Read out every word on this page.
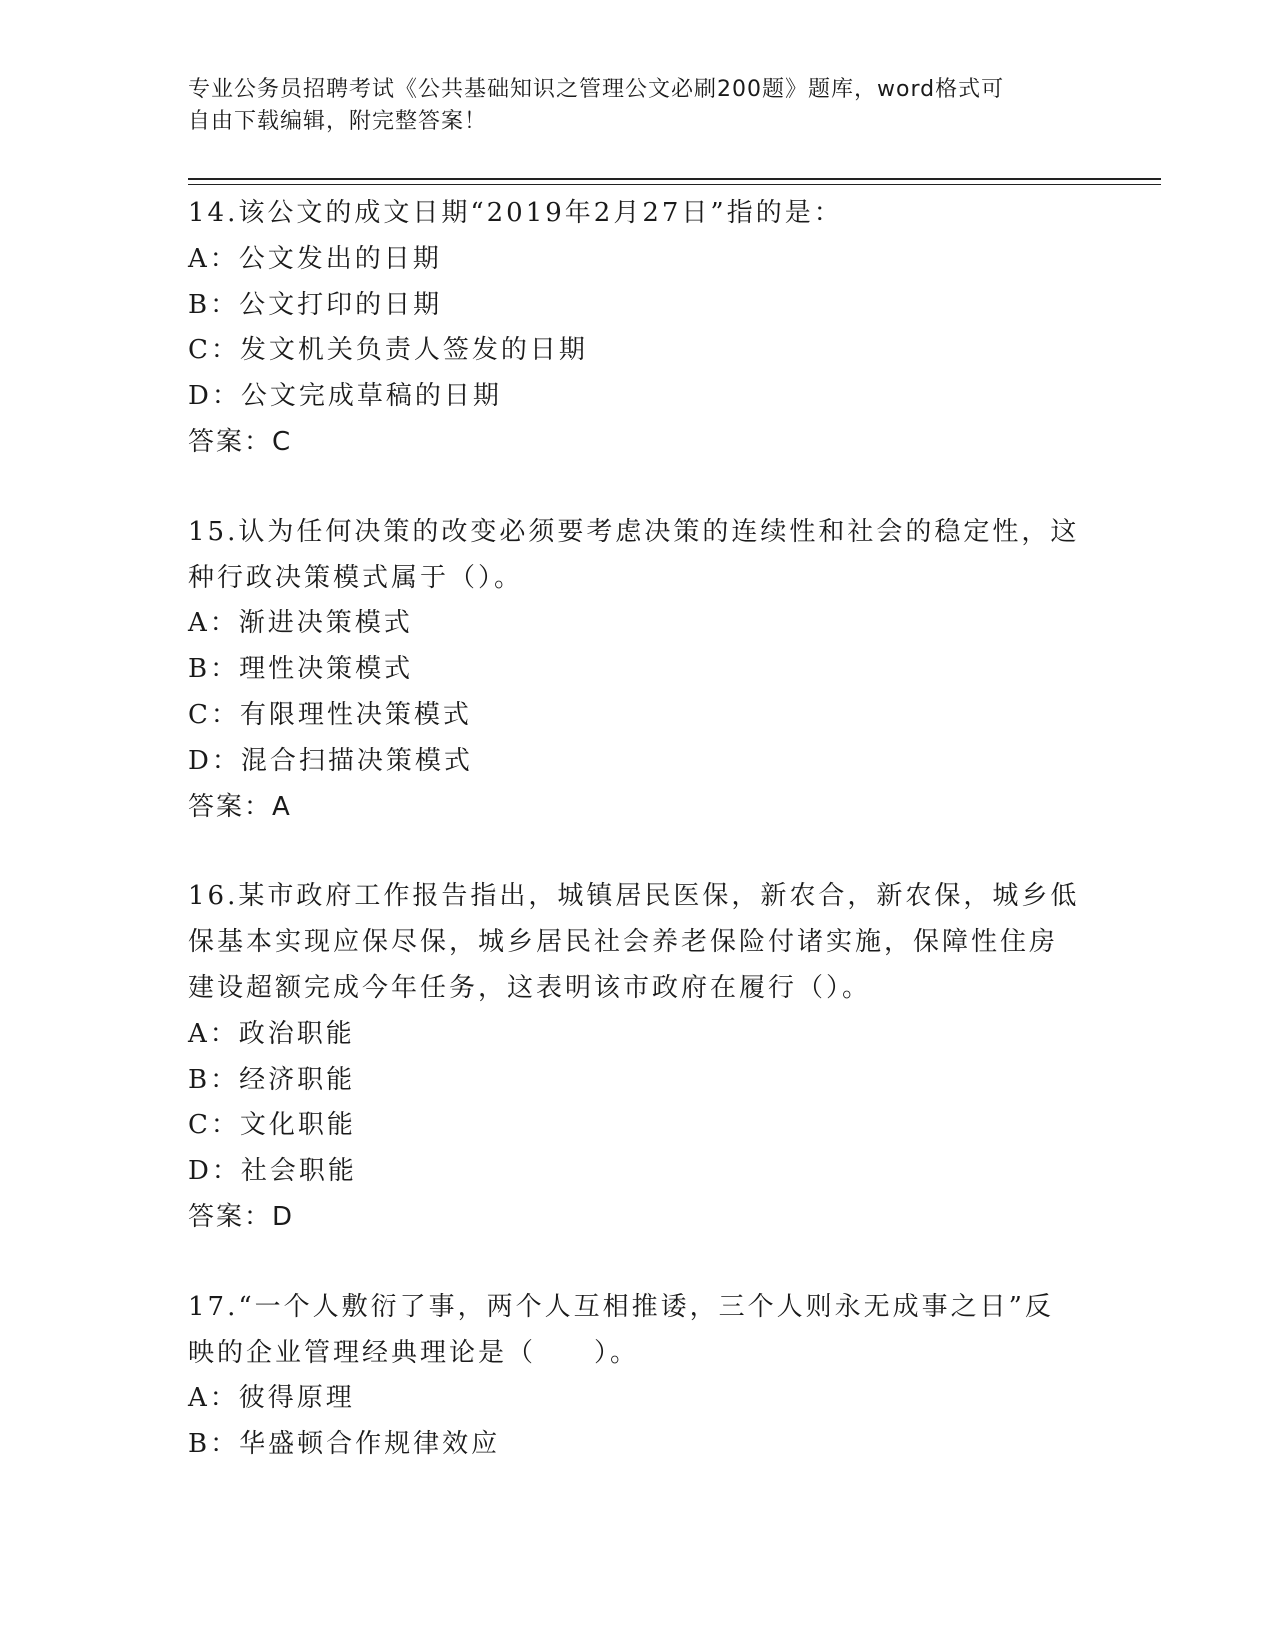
专业公务员招聘考试《公共基础知识之管理公文必刷200题》题库，word格式可
自由下载编辑，附完整答案！
14.该公文的成文日期“2019年2月27日”指的是：
A：公文发出的日期
B：公文打印的日期
C：发文机关负责人签发的日期
D：公文完成草稿的日期
答案：C
15.认为任何决策的改变必须要考虑决策的连续性和社会的稳定性，这
种行政决策模式属于（）。
A：渐进决策模式
B：理性决策模式
C：有限理性决策模式
D：混合扫描决策模式
答案：A
16.某市政府工作报告指出，城镇居民医保，新农合，新农保，城乡低
保基本实现应保尽保，城乡居民社会养老保险付诸实施，保障性住房
建设超额完成今年任务，这表明该市政府在履行（）。
A：政治职能
B：经济职能
C：文化职能
D：社会职能
答案：D
17.“一个人敷衍了事，两个人互相推诿，三个人则永无成事之日”反
映的企业管理经典理论是（　　）。
A：彼得原理
B：华盛顿合作规律效应
